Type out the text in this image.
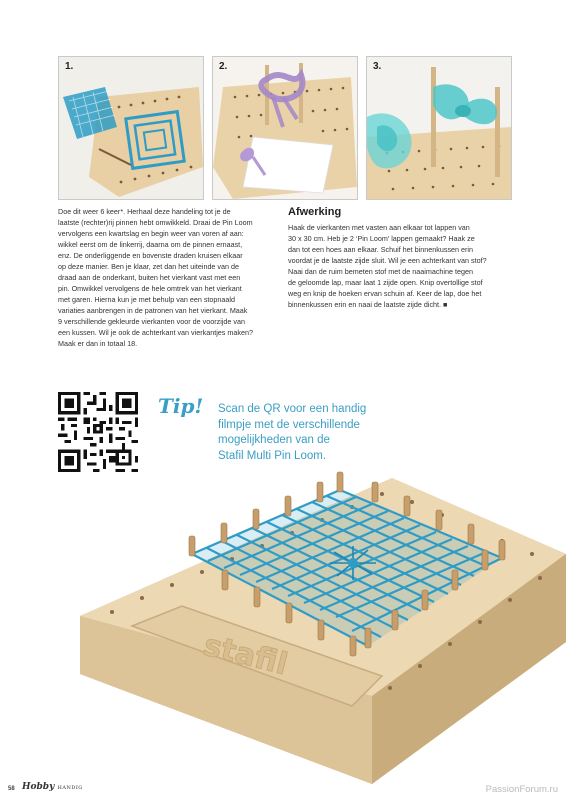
1.	2.	3.
Doe dit weer 6 keer*. Herhaal deze handeling tot je de
laatste (rechter)rij pinnen hebt omwikkeld. Draai de Pin Loom
vervolgens een kwartslag en begin weer van voren af aan:
wikkel eerst om de linkerrij, daarna om de pinnen ernaast,
enz. De onderliggende en bovenste draden kruisen elkaar
op deze manier. Ben je klaar, zet dan het uiteinde van de
draad aan de onderkant, buiten het vierkant vast met een
pin. Omwikkel vervolgens de hele omtrek van het vierkant
met garen. Hierna kun je met behulp van een stopnaald
variaties aanbrengen in de patronen van het vierkant. Maak
9 verschillende gekleurde vierkanten voor de voorzijde van
een kussen. Wil je ook de achterkant van vierkantjes maken?
Maak er dan in totaal 18.
Afwerking
Haak de vierkanten met vasten aan elkaar tot lappen van
30 x 30 cm. Heb je 2 ‘Pin Loom’ lappen gemaakt? Haak ze
dan tot een hoes aan elkaar. Schuif het binnenkussen erin
voordat je de laatste zijde sluit. Wil je een achterkant van stof?
Naai dan de ruim bemeten stof met de naaimachine tegen
de geloomde lap, maar laat 1 zijde open. Knip overtollige stof
weg en knip de hoeken ervan schuin af. Keer de lap, doe het
binnenkussen erin en naai de laatste zijde dicht. ■
Tip! Scan de QR voor een handig
filmpje met de verschillende
mogelijkheden van de
Stafil Multi Pin Loom.
stafil
58 Hobby HANDIG	PassionForum.ru
